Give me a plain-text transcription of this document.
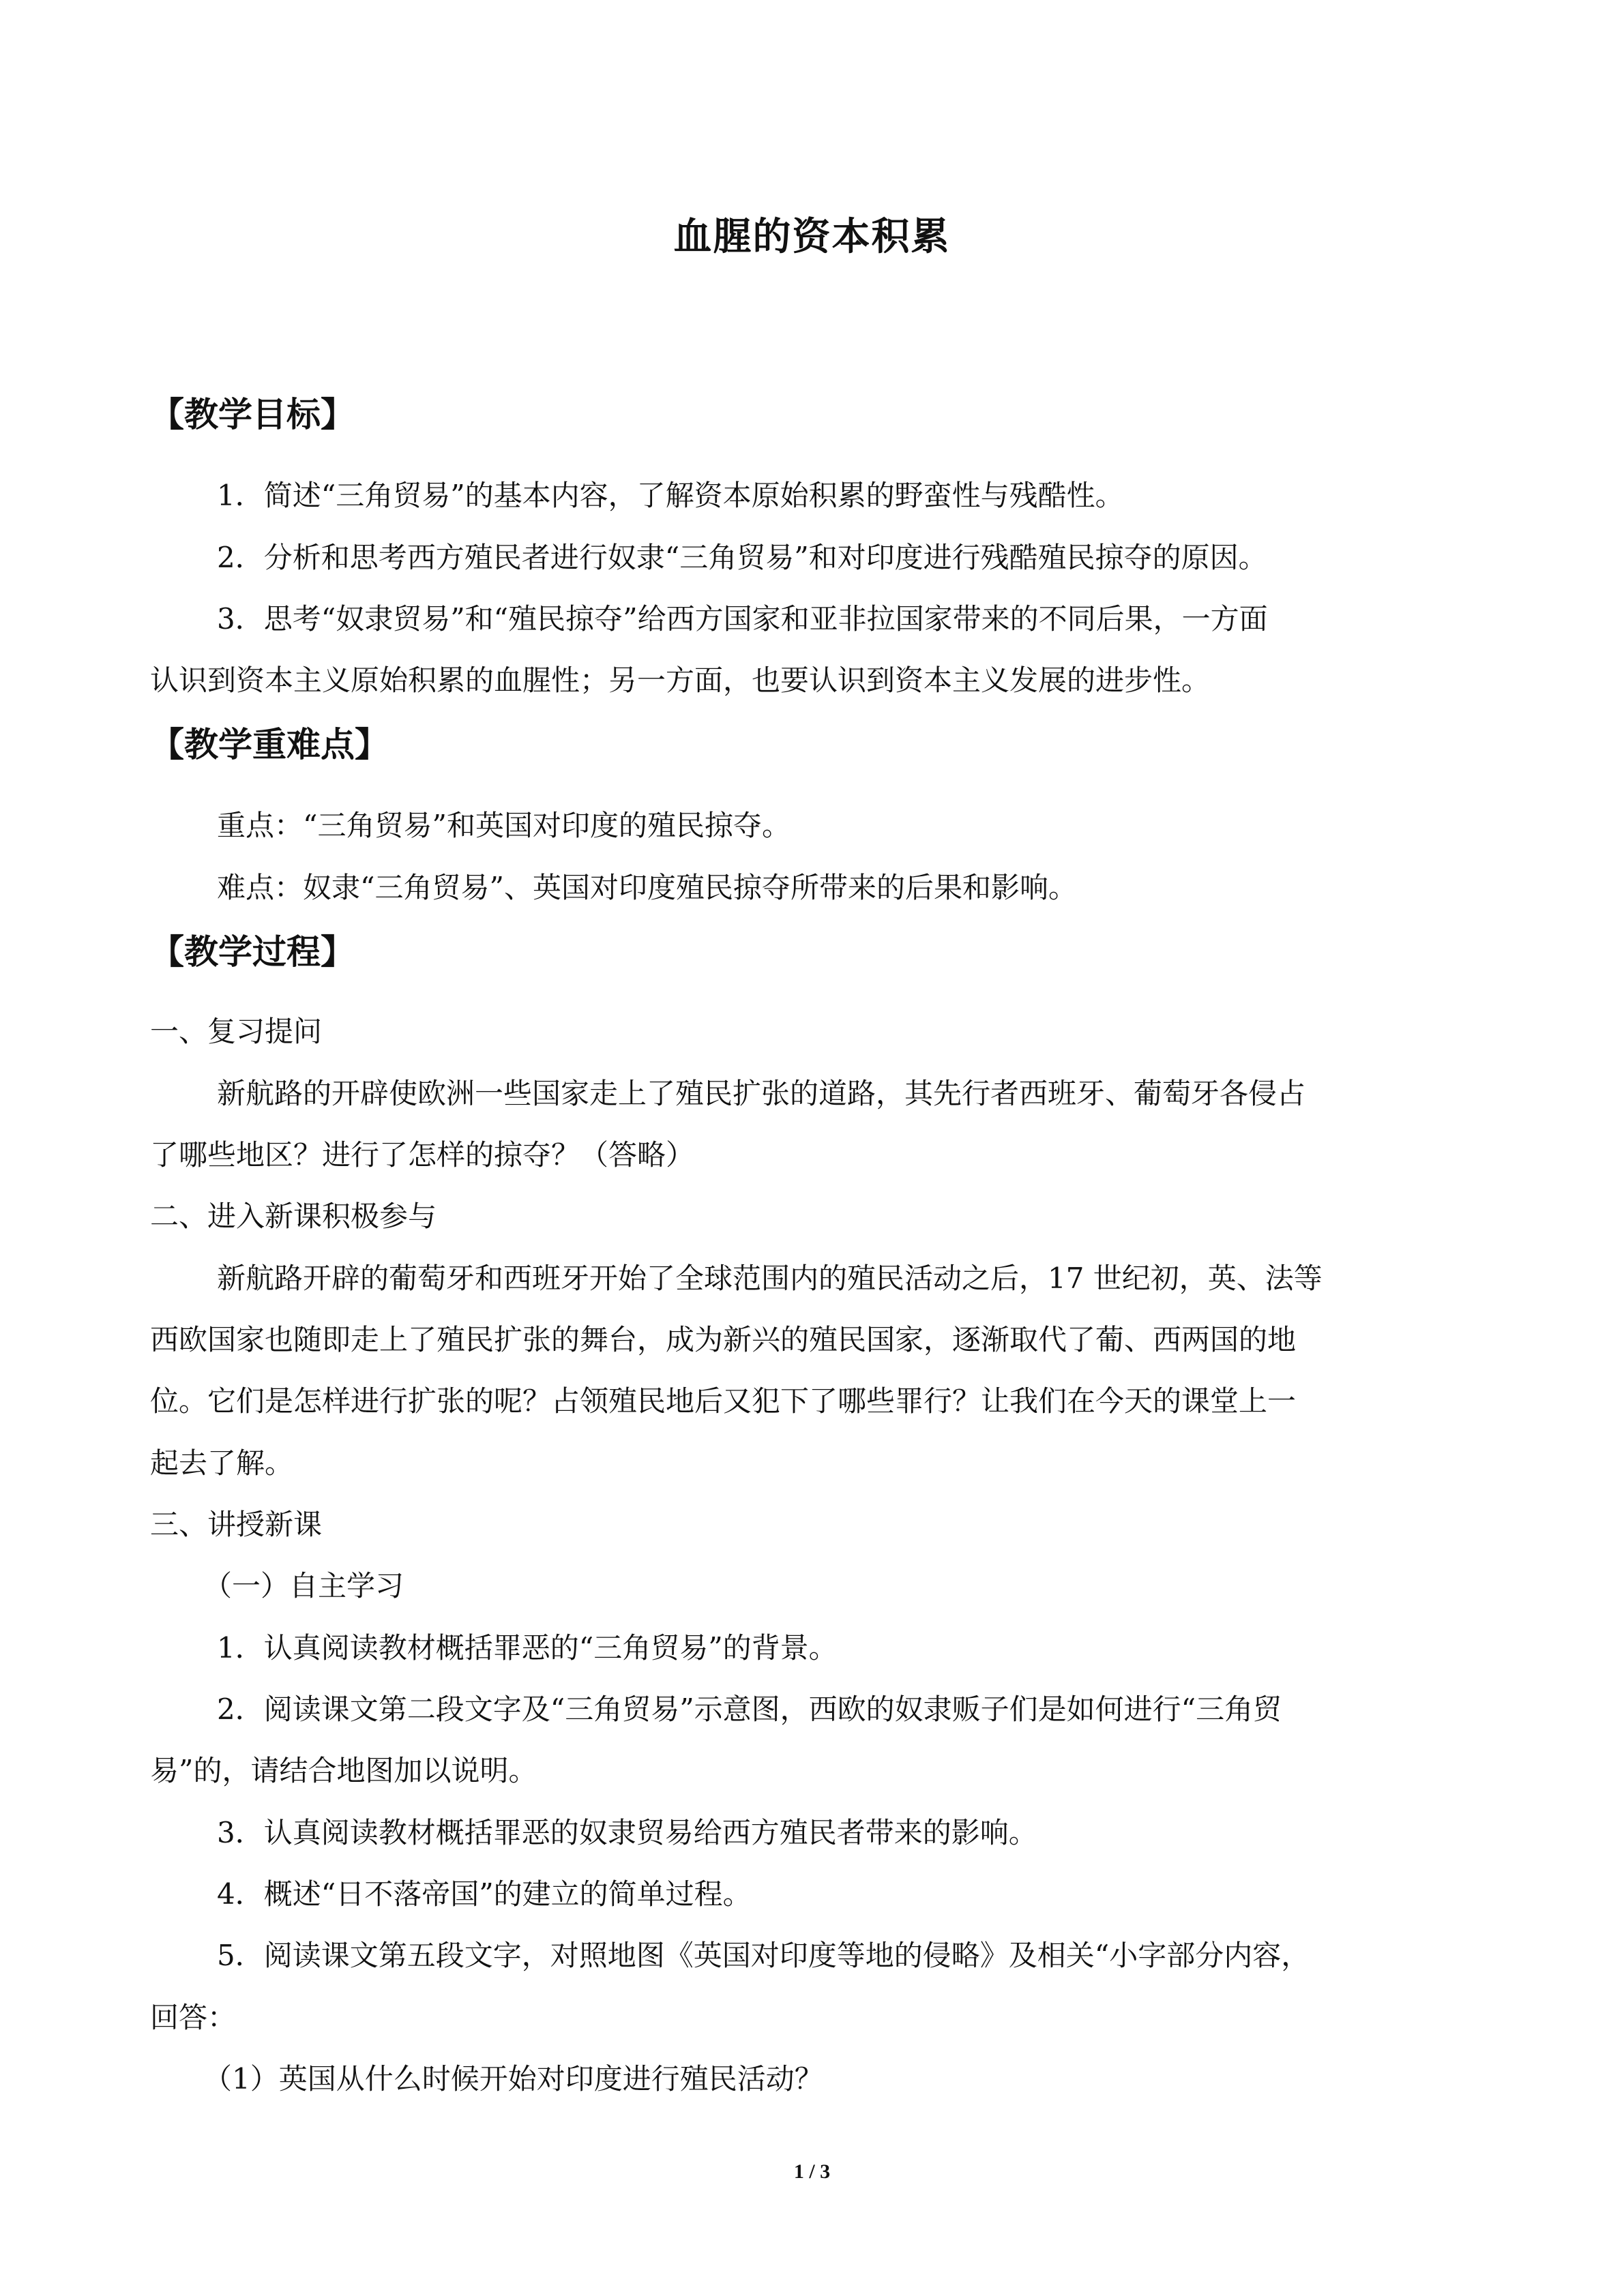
血腥的资本积累
【教学目标】
1．简述“三角贸易”的基本内容，了解资本原始积累的野蛮性与残酷性。
2．分析和思考西方殖民者进行奴隶“三角贸易”和对印度进行残酷殖民掠夺的原因。
3．思考“奴隶贸易”和“殖民掠夺”给西方国家和亚非拉国家带来的不同后果，一方面
认识到资本主义原始积累的血腥性；另一方面，也要认识到资本主义发展的进步性。
【教学重难点】
重点：“三角贸易”和英国对印度的殖民掠夺。
难点：奴隶“三角贸易”、英国对印度殖民掠夺所带来的后果和影响。
【教学过程】
一、复习提问
新航路的开辟使欧洲一些国家走上了殖民扩张的道路，其先行者西班牙、葡萄牙各侵占
了哪些地区？进行了怎样的掠夺？（答略）
二、进入新课积极参与
新航路开辟的葡萄牙和西班牙开始了全球范围内的殖民活动之后，17 世纪初，英、法等
西欧国家也随即走上了殖民扩张的舞台，成为新兴的殖民国家，逐渐取代了葡、西两国的地
位。它们是怎样进行扩张的呢？占领殖民地后又犯下了哪些罪行？让我们在今天的课堂上一
起去了解。
三、讲授新课
（一）自主学习
1．认真阅读教材概括罪恶的“三角贸易”的背景。
2．阅读课文第二段文字及“三角贸易”示意图，西欧的奴隶贩子们是如何进行“三角贸
易”的，请结合地图加以说明。
3．认真阅读教材概括罪恶的奴隶贸易给西方殖民者带来的影响。
4．概述“日不落帝国”的建立的简单过程。
5．阅读课文第五段文字，对照地图《英国对印度等地的侵略》及相关“小字部分内容，
回答：
（1）英国从什么时候开始对印度进行殖民活动？
1 / 3
